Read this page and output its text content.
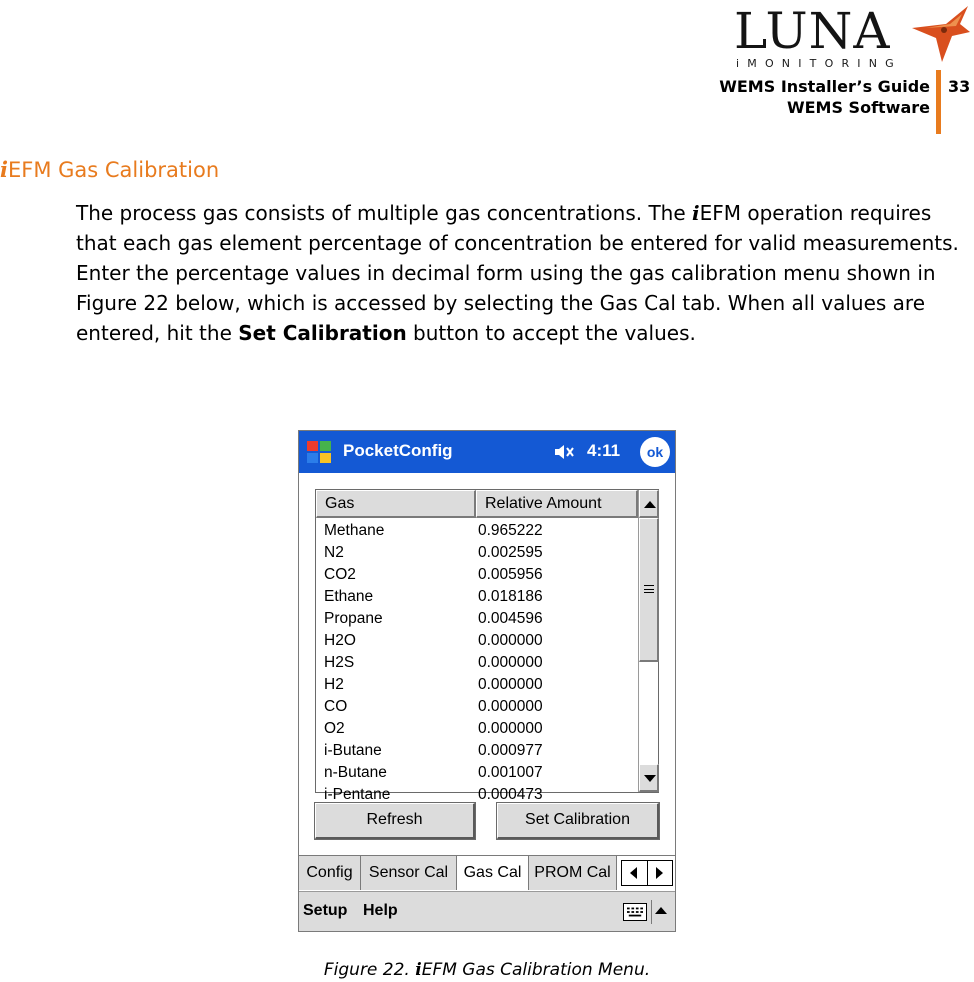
LUNA
iMONITORING
WEMS Installer’s Guide
WEMS Software
33
iEFM Gas Calibration
The process gas consists of multiple gas concentrations. The iEFM operation requires that each gas element percentage of concentration be entered for valid measurements. Enter the percentage values in decimal form using the gas calibration menu shown in Figure 22 below, which is accessed by selecting the Gas Cal tab. When all values are entered, hit the Set Calibration button to accept the values.
PocketConfig	4:11	ok
Gas	Relative Amount
Methane	0.965222
N2	0.002595
CO2	0.005956
Ethane	0.018186
Propane	0.004596
H2O	0.000000
H2S	0.000000
H2	0.000000
CO	0.000000
O2	0.000000
i-Butane	0.000977
n-Butane	0.001007
i-Pentane	0.000473
Refresh	Set Calibration
Config	Sensor Cal Gas Cal PROM Cal
Setup Help
Figure 22. iEFM Gas Calibration Menu.
